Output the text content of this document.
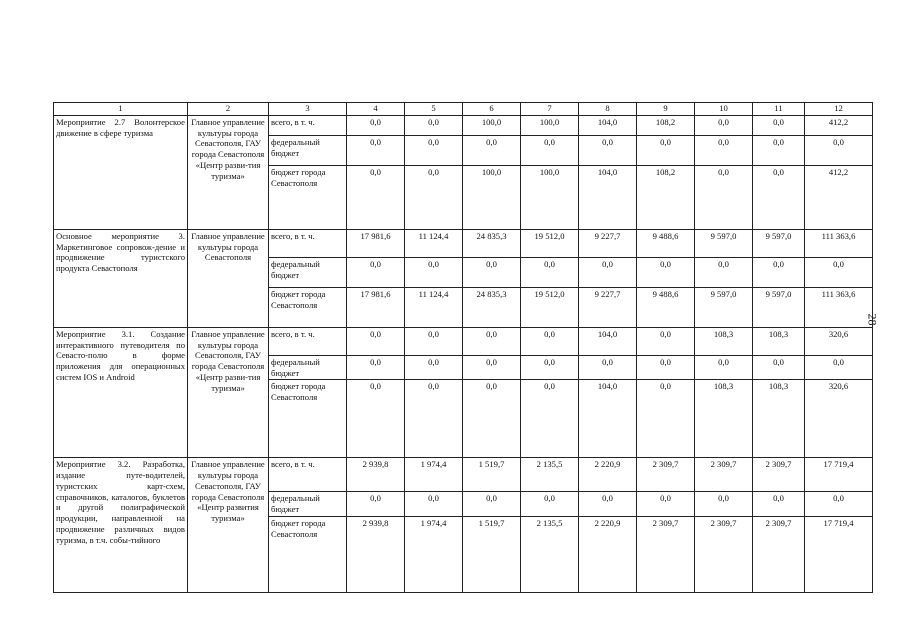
28
1	2	3	4	5	6	7	8	9	10	11	12
Мероприятие 2.7 Волонтерское движение в сфере туризма	Главное управление культуры города Севастополя, ГАУ города Севастополя «Центр разви-тия туризма»	всего, в т. ч.	0,0	0,0	100,0	100,0	104,0	108,2	0,0	0,0	412,2
		федеральный бюджет	0,0	0,0	0,0	0,0	0,0	0,0	0,0	0,0	0,0
		бюджет города Севастополя	0,0	0,0	100,0	100,0	104,0	108,2	0,0	0,0	412,2
Основное мероприятие 3. Маркетинговое сопровож-дение и продвижение туристского продукта Севастополя	Главное управление культуры города Севастополя	всего, в т. ч.	17 981,6	11 124,4	24 835,3	19 512,0	9 227,7	9 488,6	9 597,0	9 597,0	111 363,6
		федеральный бюджет	0,0	0,0	0,0	0,0	0,0	0,0	0,0	0,0	0,0
		бюджет города Севастополя	17 981,6	11 124,4	24 835,3	19 512,0	9 227,7	9 488,6	9 597,0	9 597,0	111 363,6
Мероприятие 3.1. Создание интерактивного путеводителя по Севасто-полю в форме приложения для операционных систем IOS и Android	Главное управление культуры города Севастополя, ГАУ города Севастополя «Центр разви-тия туризма»	всего, в т. ч.	0,0	0,0	0,0	0,0	104,0	0,0	108,3	108,3	320,6
		федеральный бюджет	0,0	0,0	0,0	0,0	0,0	0,0	0,0	0,0	0,0
		бюджет города Севастополя	0,0	0,0	0,0	0,0	104,0	0,0	108,3	108,3	320,6
Мероприятие 3.2. Разработка, издание путе-водителей, туристских карт-схем, справочников, каталогов, буклетов и другой полиграфической продукции, направленной на продвижение различных видов туризма, в т.ч. собы-тийного	Главное управление культуры города Севастополя, ГАУ города Севастополя «Центр развития туризма»	всего, в т. ч.	2 939,8	1 974,4	1 519,7	2 135,5	2 220,9	2 309,7	2 309,7	2 309,7	17 719,4
		федеральный бюджет	0,0	0,0	0,0	0,0	0,0	0,0	0,0	0,0	0,0
		бюджет города Севастополя	2 939,8	1 974,4	1 519,7	2 135,5	2 220,9	2 309,7	2 309,7	2 309,7	17 719,4
